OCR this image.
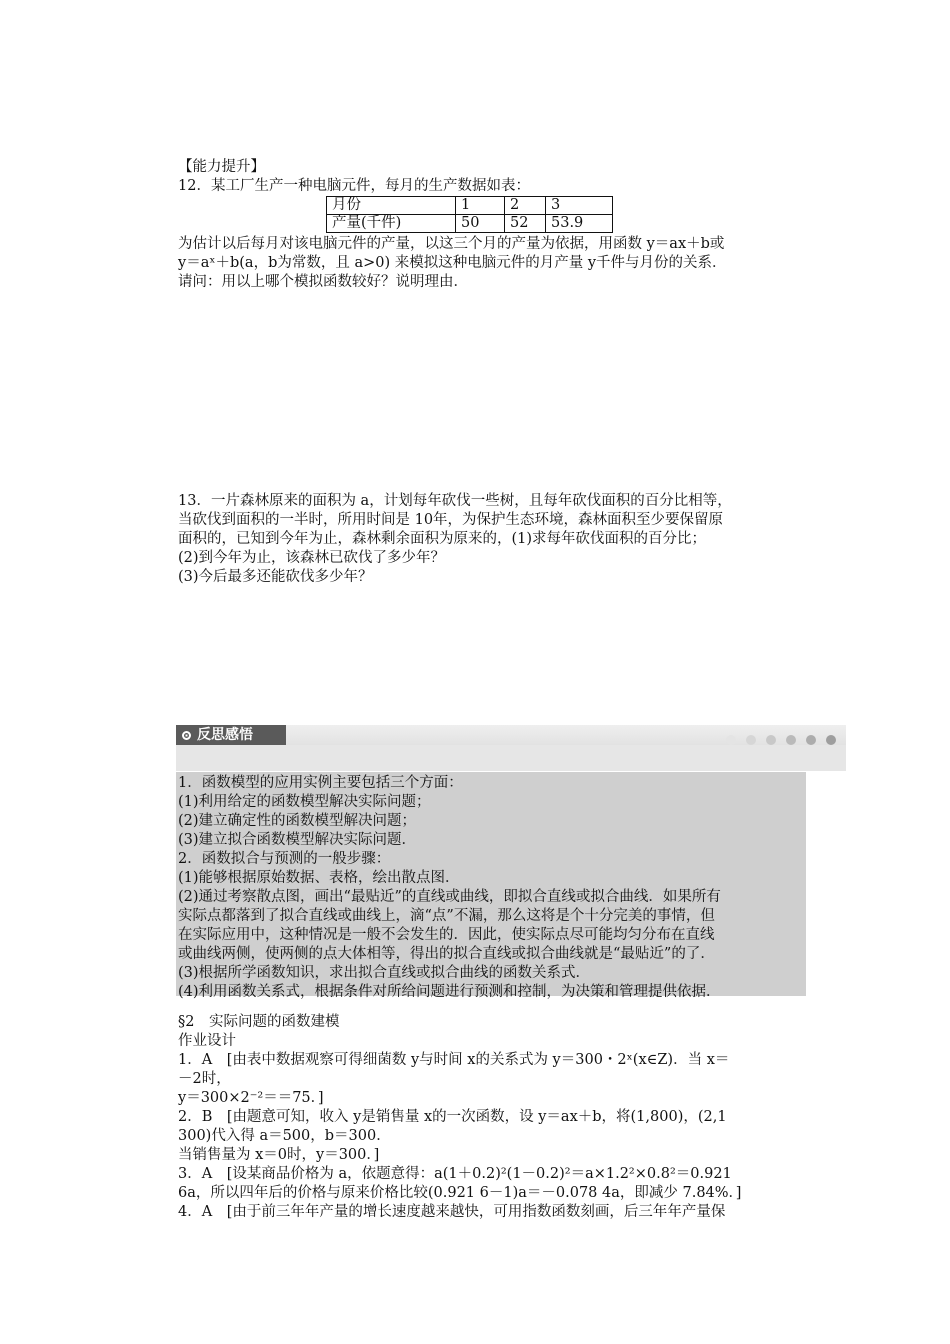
【能力提升】
12．某工厂生产一种电脑元件，每月的生产数据如表：
月份	1	2	3
产量(千件)	50	52	53.9
为估计以后每月对该电脑元件的产量，以这三个月的产量为依据，用函数 y＝ax＋b或
y＝aˣ＋b(a，b为常数，且 a>0) 来模拟这种电脑元件的月产量 y千件与月份的关系．
请问：用以上哪个模拟函数较好？说明理由．
13．一片森林原来的面积为 a，计划每年砍伐一些树，且每年砍伐面积的百分比相等，
当砍伐到面积的一半时，所用时间是 10年，为保护生态环境，森林面积至少要保留原
面积的，已知到今年为止，森林剩余面积为原来的，(1)求每年砍伐面积的百分比；
(2)到今年为止，该森林已砍伐了多少年？
(3)今后最多还能砍伐多少年？
反思感悟
1．函数模型的应用实例主要包括三个方面：
(1)利用给定的函数模型解决实际问题；
(2)建立确定性的函数模型解决问题；
(3)建立拟合函数模型解决实际问题．
2．函数拟合与预测的一般步骤：
(1)能够根据原始数据、表格，绘出散点图．
(2)通过考察散点图，画出“最贴近”的直线或曲线，即拟合直线或拟合曲线．如果所有
实际点都落到了拟合直线或曲线上，滴“点”不漏，那么这将是个十分完美的事情，但
在实际应用中，这种情况是一般不会发生的．因此，使实际点尽可能均匀分布在直线
或曲线两侧，使两侧的点大体相等，得出的拟合直线或拟合曲线就是“最贴近”的了．
(3)根据所学函数知识，求出拟合直线或拟合曲线的函数关系式．
(4)利用函数关系式，根据条件对所给问题进行预测和控制，为决策和管理提供依据．
§2　实际问题的函数建模
作业设计
1．A　[由表中数据观察可得细菌数 y与时间 x的关系式为 y＝300・2ˣ(x∈Z)．当 x＝
－2时，
y＝300×2⁻²＝＝75．]
2．B　[由题意可知，收入 y是销售量 x的一次函数，设 y＝ax＋b，将(1,800)，(2,1
300)代入得 a＝500，b＝300．
当销售量为 x＝0时，y＝300．]
3．A　[设某商品价格为 a，依题意得：a(1＋0.2)²(1－0.2)²＝a×1.2²×0.8²＝0.921
6a，所以四年后的价格与原来价格比较(0.921 6－1)a＝－0.078 4a，即减少 7.84%．]
4．A　[由于前三年年产量的增长速度越来越快，可用指数函数刻画，后三年年产量保
